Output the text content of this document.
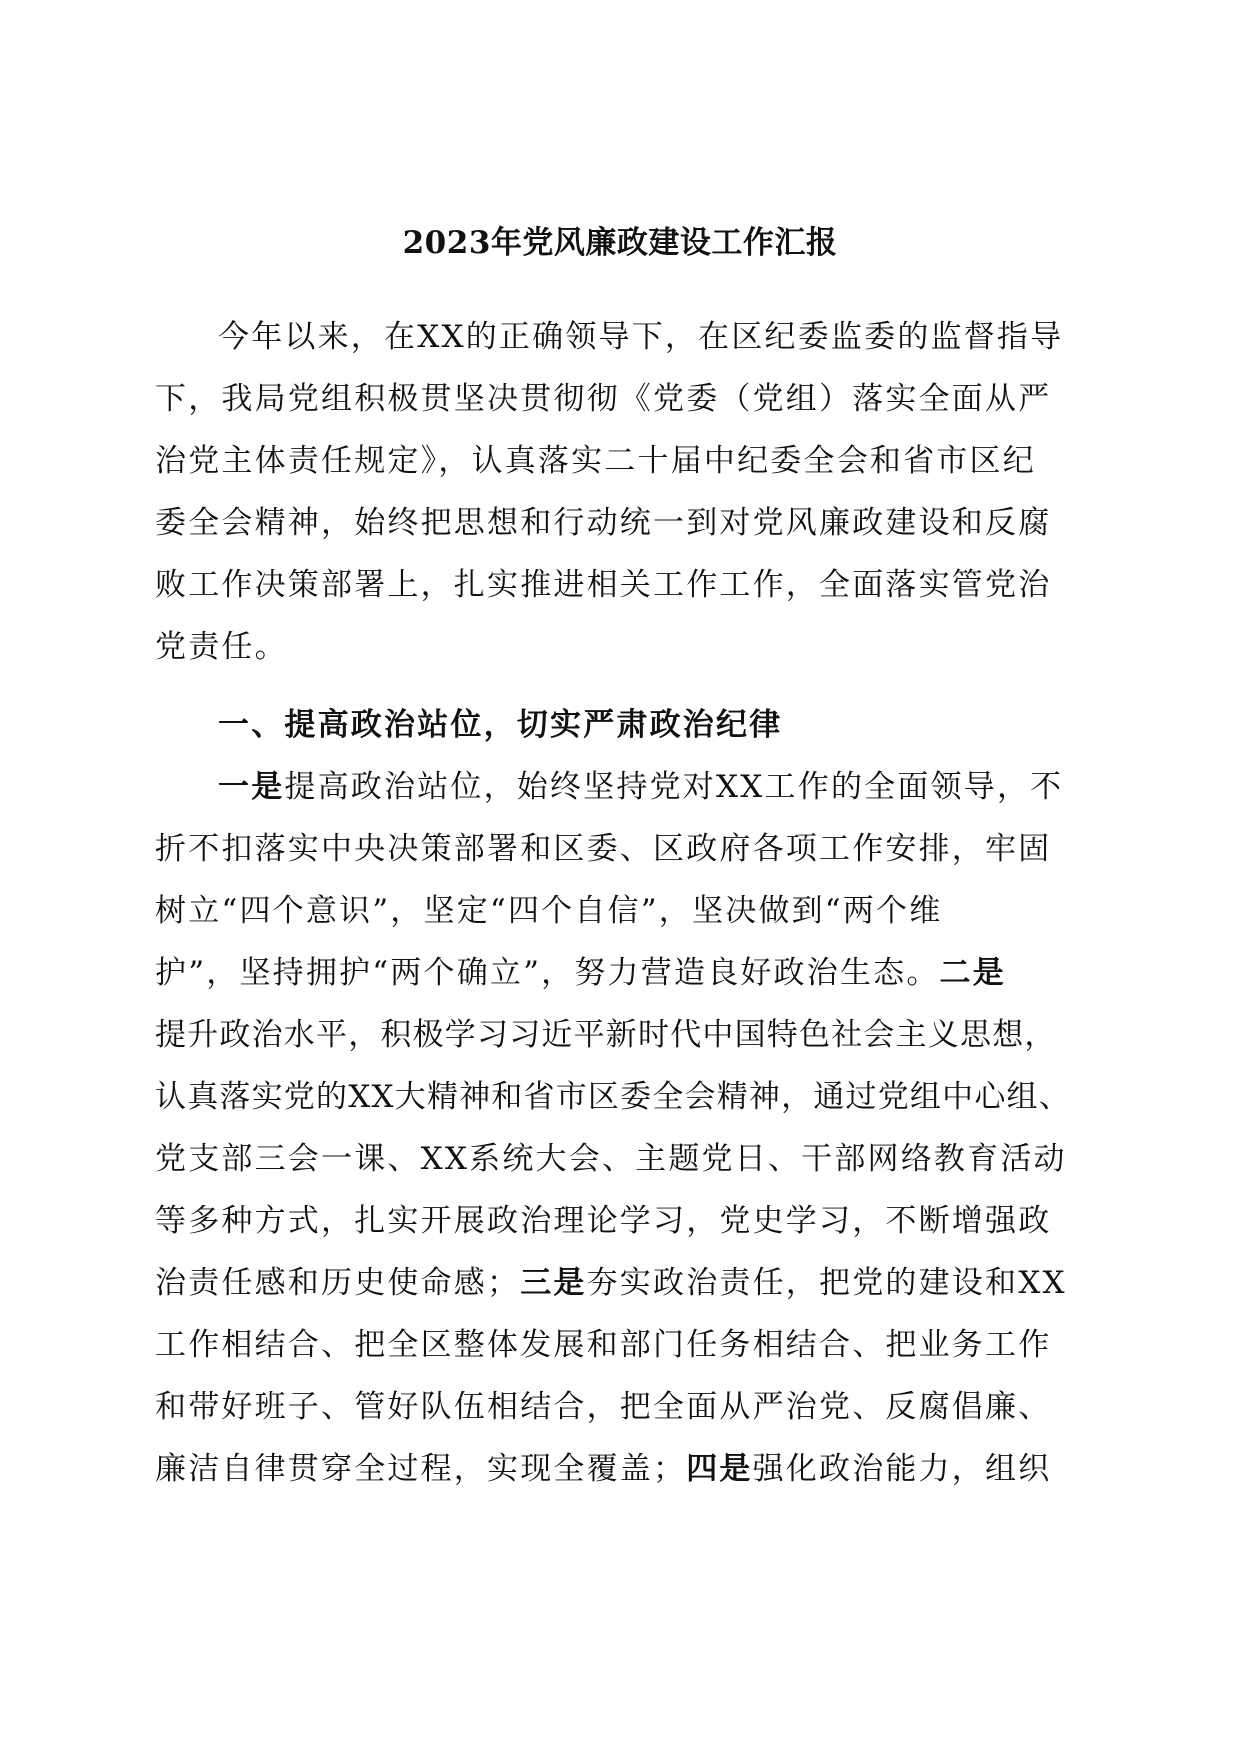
2023年党风廉政建设工作汇报
今年以来，在XX的正确领导下，在区纪委监委的监督指导
下，我局党组积极贯坚决贯彻彻《党委（党组）落实全面从严
治党主体责任规定》，认真落实二十届中纪委全会和省市区纪
委全会精神，始终把思想和行动统一到对党风廉政建设和反腐
败工作决策部署上，扎实推进相关工作工作，全面落实管党治
党责任。
一、提高政治站位，切实严肃政治纪律
一是提高政治站位，始终坚持党对XX工作的全面领导，不
折不扣落实中央决策部署和区委、区政府各项工作安排，牢固
树立“四个意识”，坚定“四个自信”，坚决做到“两个维
护”，坚持拥护“两个确立”，努力营造良好政治生态。二是
提升政治水平，积极学习习近平新时代中国特色社会主义思想，
认真落实党的XX大精神和省市区委全会精神，通过党组中心组、
党支部三会一课、XX系统大会、主题党日、干部网络教育活动
等多种方式，扎实开展政治理论学习，党史学习，不断增强政
治责任感和历史使命感；三是夯实政治责任，把党的建设和XX
工作相结合、把全区整体发展和部门任务相结合、把业务工作
和带好班子、管好队伍相结合，把全面从严治党、反腐倡廉、
廉洁自律贯穿全过程，实现全覆盖；四是强化政治能力，组织
